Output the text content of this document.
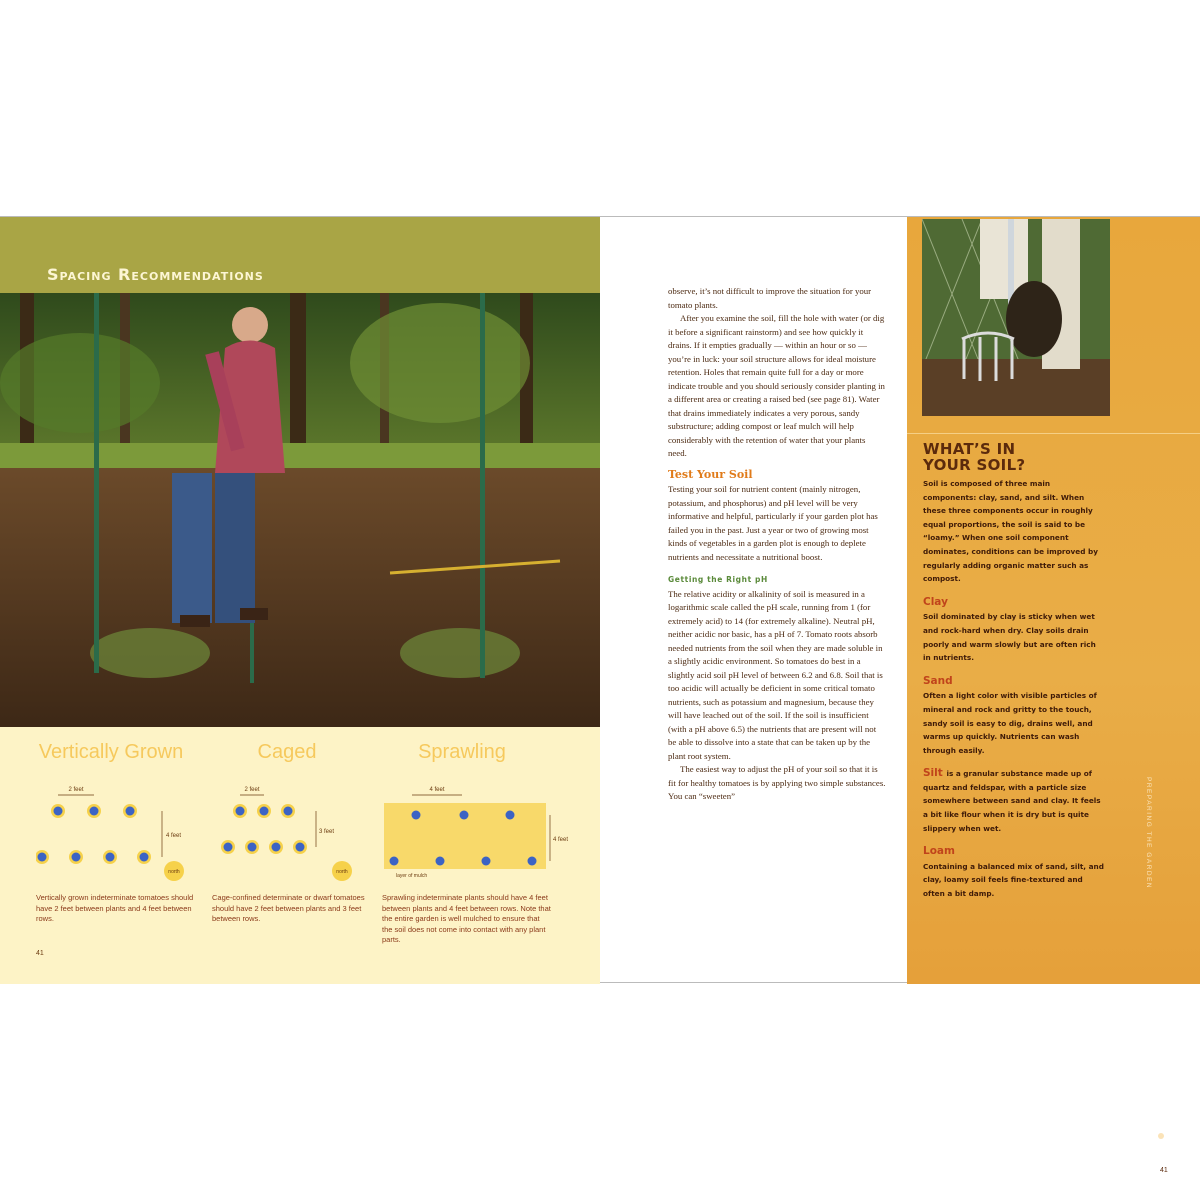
Spacing Recommendations
Vertically Grown
2 feet
4 feet
north
Vertically grown indeterminate tomatoes should have 2 feet between plants and 4 feet between rows.
Caged
2 feet
3 feet
north
Cage-confined determinate or dwarf tomatoes should have 2 feet between plants and 3 feet between rows.
Sprawling
4 feet
4 feet
layer of mulch
Sprawling indeterminate plants should have 4 feet between plants and 4 feet between rows. Note that the entire garden is well mulched to ensure that the soil does not come into contact with any plant parts.
41

observe, it’s not difficult to improve the situation for your tomato plants.

After you examine the soil, fill the hole with water (or dig it before a significant rainstorm) and see how quickly it drains. If it empties gradually — within an hour or so — you’re in luck: your soil structure allows for ideal moisture retention. Holes that remain quite full for a day or more indicate trouble and you should seriously consider planting in a different area or creating a raised bed (see page 81). Water that drains immediately indicates a very porous, sandy substructure; adding compost or leaf mulch will help considerably with the retention of water that your plants need.

Test Your Soil

Testing your soil for nutrient content (mainly nitrogen, potassium, and phosphorus) and pH level will be very informative and helpful, particularly if your garden plot has failed you in the past. Just a year or two of growing most kinds of vegetables in a garden plot is enough to deplete nutrients and necessitate a nutritional boost.

Getting the Right pH

The relative acidity or alkalinity of soil is measured in a logarithmic scale called the pH scale, running from 1 (for extremely acid) to 14 (for extremely alkaline). Neutral pH, neither acidic nor basic, has a pH of 7. Tomato roots absorb needed nutrients from the soil when they are made soluble in a slightly acidic environment. So tomatoes do best in a slightly acid soil pH level of between 6.2 and 6.8. Soil that is too acidic will actually be deficient in some critical tomato nutrients, such as potassium and magnesium, because they will have leached out of the soil. If the soil is insufficient (with a pH above 6.5) the nutrients that are present will not be able to dissolve into a state that can be taken up by the plant root system.

The easiest way to adjust the pH of your soil so that it is fit for healthy tomatoes is by applying two simple substances. You can “sweeten”

WHAT’S IN
YOUR SOIL?

Soil is composed of three main components: clay, sand, and silt. When these three components occur in roughly equal proportions, the soil is said to be “loamy.” When one soil component dominates, conditions can be improved by regularly adding organic matter such as compost.

Clay

Soil dominated by clay is sticky when wet and rock-hard when dry. Clay soils drain poorly and warm slowly but are often rich in nutrients.

Sand

Often a light color with visible particles of mineral and rock and gritty to the touch, sandy soil is easy to dig, drains well, and warms up quickly. Nutrients can wash through easily.

Silt is a granular substance made up of quartz and feldspar, with a particle size somewhere between sand and clay. It feels a bit like flour when it is dry but is quite slippery when wet.
Loam

Containing a balanced mix of sand, silt, and clay, loamy soil feels fine-textured and often a bit damp.

PREPARING THE GARDEN
41
